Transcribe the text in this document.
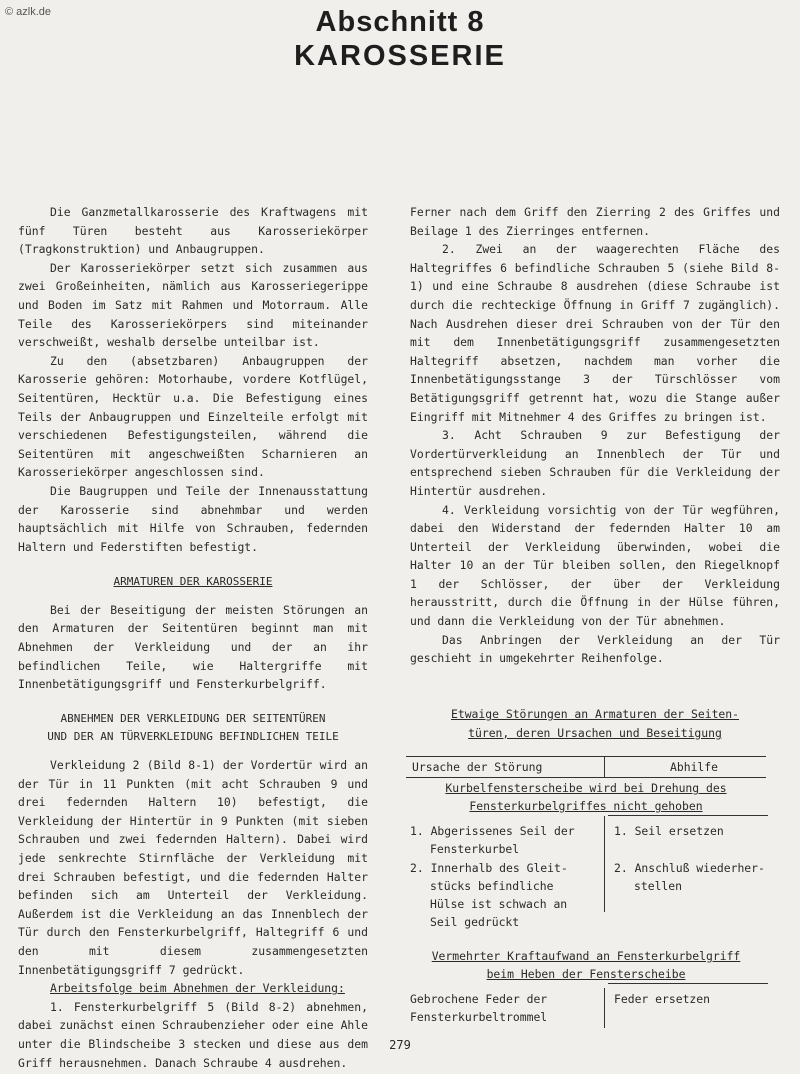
© azlk.de	Abschnitt 8
KAROSSERIE

Die Ganzmetallkarosserie des Kraftwagens mit fünf Türen besteht aus Karosseriekörper (Tragkonstruktion) und Anbaugruppen.

Der Karosseriekörper setzt sich zusammen aus zwei Großeinheiten, nämlich aus Karosseriegerippe und Boden im Satz mit Rahmen und Motorraum. Alle Teile des Karosseriekörpers sind miteinander verschweißt, weshalb derselbe unteilbar ist.

Zu den (absetzbaren) Anbaugruppen der Karosserie gehören: Motorhaube, vordere Kotflügel, Seitentüren, Hecktür u.a. Die Befestigung eines Teils der Anbaugruppen und Einzelteile erfolgt mit verschiedenen Befestigungsteilen, während die Seitentüren mit angeschweißten Scharnieren an Karosseriekörper angeschlossen sind.

Die Baugruppen und Teile der Innenausstattung der Karosserie sind abnehmbar und werden hauptsächlich mit Hilfe von Schrauben, federnden Haltern und Federstiften befestigt.

ARMATUREN DER KAROSSERIE

Bei der Beseitigung der meisten Störungen an den Armaturen der Seitentüren beginnt man mit Abnehmen der Verkleidung und der an ihr befindlichen Teile, wie Haltergriffe mit Innenbetätigungsgriff und Fensterkurbelgriff.

ABNEHMEN DER VERKLEIDUNG DER SEITENTÜREN
UND DER AN TÜRVERKLEIDUNG BEFINDLICHEN TEILE

Verkleidung 2 (Bild 8-1) der Vordertür wird an der Tür in 11 Punkten (mit acht Schrauben 9 und drei federnden Haltern 10) befestigt, die Verkleidung der Hintertür in 9 Punkten (mit sieben Schrauben und zwei federnden Haltern). Dabei wird jede senkrechte Stirnfläche der Verkleidung mit drei Schrauben befestigt, und die federnden Halter befinden sich am Unterteil der Verkleidung. Außerdem ist die Verkleidung an das Innenblech der Tür durch den Fensterkurbelgriff, Haltegriff 6 und den mit diesem zusammengesetzten Innenbetätigungsgriff 7 gedrückt.

Arbeitsfolge beim Abnehmen der Verkleidung:

1. Fensterkurbelgriff 5 (Bild 8-2) abnehmen, dabei zunächst einen Schraubenzieher oder eine Ahle unter die Blindscheibe 3 stecken und diese aus dem Griff herausnehmen. Danach Schraube 4 ausdrehen.

Ferner nach dem Griff den Zierring 2 des Griffes und Beilage 1 des Zierringes entfernen.

2. Zwei an der waagerechten Fläche des Haltegriffes 6 befindliche Schrauben 5 (siehe Bild 8-1) und eine Schraube 8 ausdrehen (diese Schraube ist durch die rechteckige Öffnung in Griff 7 zugänglich). Nach Ausdrehen dieser drei Schrauben von der Tür den mit dem Innenbetätigungsgriff zusammengesetzten Haltegriff absetzen, nachdem man vorher die Innenbetätigungsstange 3 der Türschlösser vom Betätigungsgriff getrennt hat, wozu die Stange außer Eingriff mit Mitnehmer 4 des Griffes zu bringen ist.

3. Acht Schrauben 9 zur Befestigung der Vordertürverkleidung an Innenblech der Tür und entsprechend sieben Schrauben für die Verkleidung der Hintertür ausdrehen.

4. Verkleidung vorsichtig von der Tür wegführen, dabei den Widerstand der federnden Halter 10 am Unterteil der Verkleidung überwinden, wobei die Halter 10 an der Tür bleiben sollen, den Riegelknopf 1 der Schlösser, der über der Verkleidung herausstritt, durch die Öffnung in der Hülse führen, und dann die Verkleidung von der Tür abnehmen.

Das Anbringen der Verkleidung an der Tür geschieht in umgekehrter Reihenfolge.

Etwaige Störungen an Armaturen der Seiten-
türen, deren Ursachen und Beseitigung
Ursache der Störung	Abhilfe
Kurbelfensterscheibe wird bei Drehung des
Fensterkurbelgriffes nicht gehoben
1. Abgerissenes Seil der
Fensterkurbel
2. Innerhalb des Gleit-
stücks befindliche
Hülse ist schwach an
Seil gedrückt
1. Seil ersetzen

2. Anschluß wiederher-
stellen
Vermehrter Kraftaufwand an Fensterkurbelgriff
beim Heben der Fensterscheibe
Gebrochene Feder der
Fensterkurbeltrommel
Feder ersetzen
279
